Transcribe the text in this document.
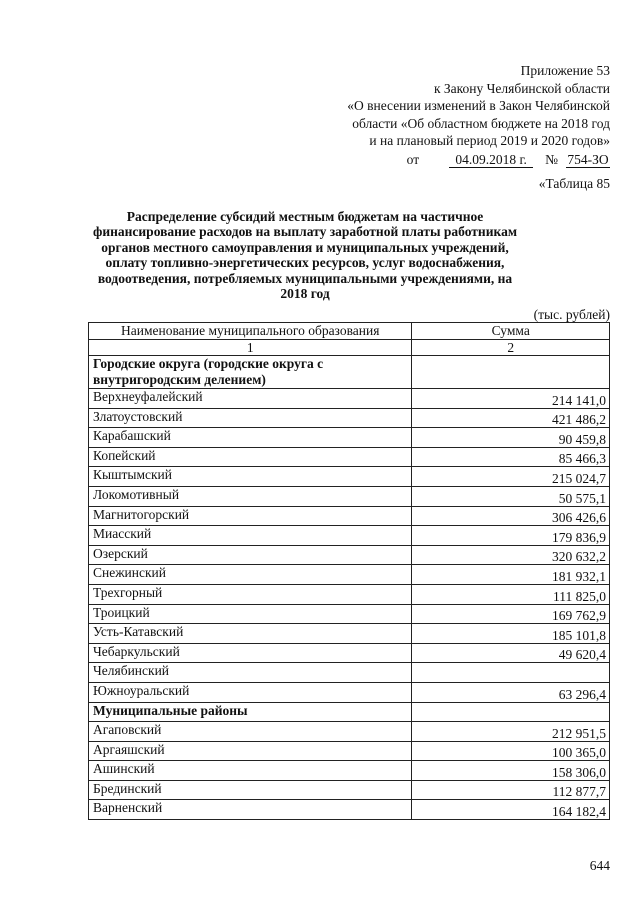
Приложение 53
к Закону Челябинской области
«О внесении изменений в Закон Челябинской
области «Об областном бюджете на 2018 год
и на плановый период 2019 и 2020 годов»
от	04.09.2018 г. № 754-ЗО
«Таблица 85
Распределение субсидий местным бюджетам на частичное финансирование расходов на выплату заработной платы работникам органов местного самоуправления и муниципальных учреждений, оплату топливно-энергетических ресурсов, услуг водоснабжения, водоотведения, потребляемых муниципальными учреждениями, на 2018 год
(тыс. рублей)
Наименование муниципального образования	Сумма
1	2
Городские округа (городские округа с внутригородским делением)	
Верхнеуфалейский	214 141,0
Златоустовский	421 486,2
Карабашский	90 459,8
Копейский	85 466,3
Кыштымский	215 024,7
Локомотивный	50 575,1
Магнитогорский	306 426,6
Миасский	179 836,9
Озерский	320 632,2
Снежинский	181 932,1
Трехгорный	111 825,0
Троицкий	169 762,9
Усть-Катавский	185 101,8
Чебаркульский	49 620,4
Челябинский	
Южноуральский	63 296,4
Муниципальные районы	
Агаповский	212 951,5
Аргаяшский	100 365,0
Ашинский	158 306,0
Брединский	112 877,7
Варненский	164 182,4
644
